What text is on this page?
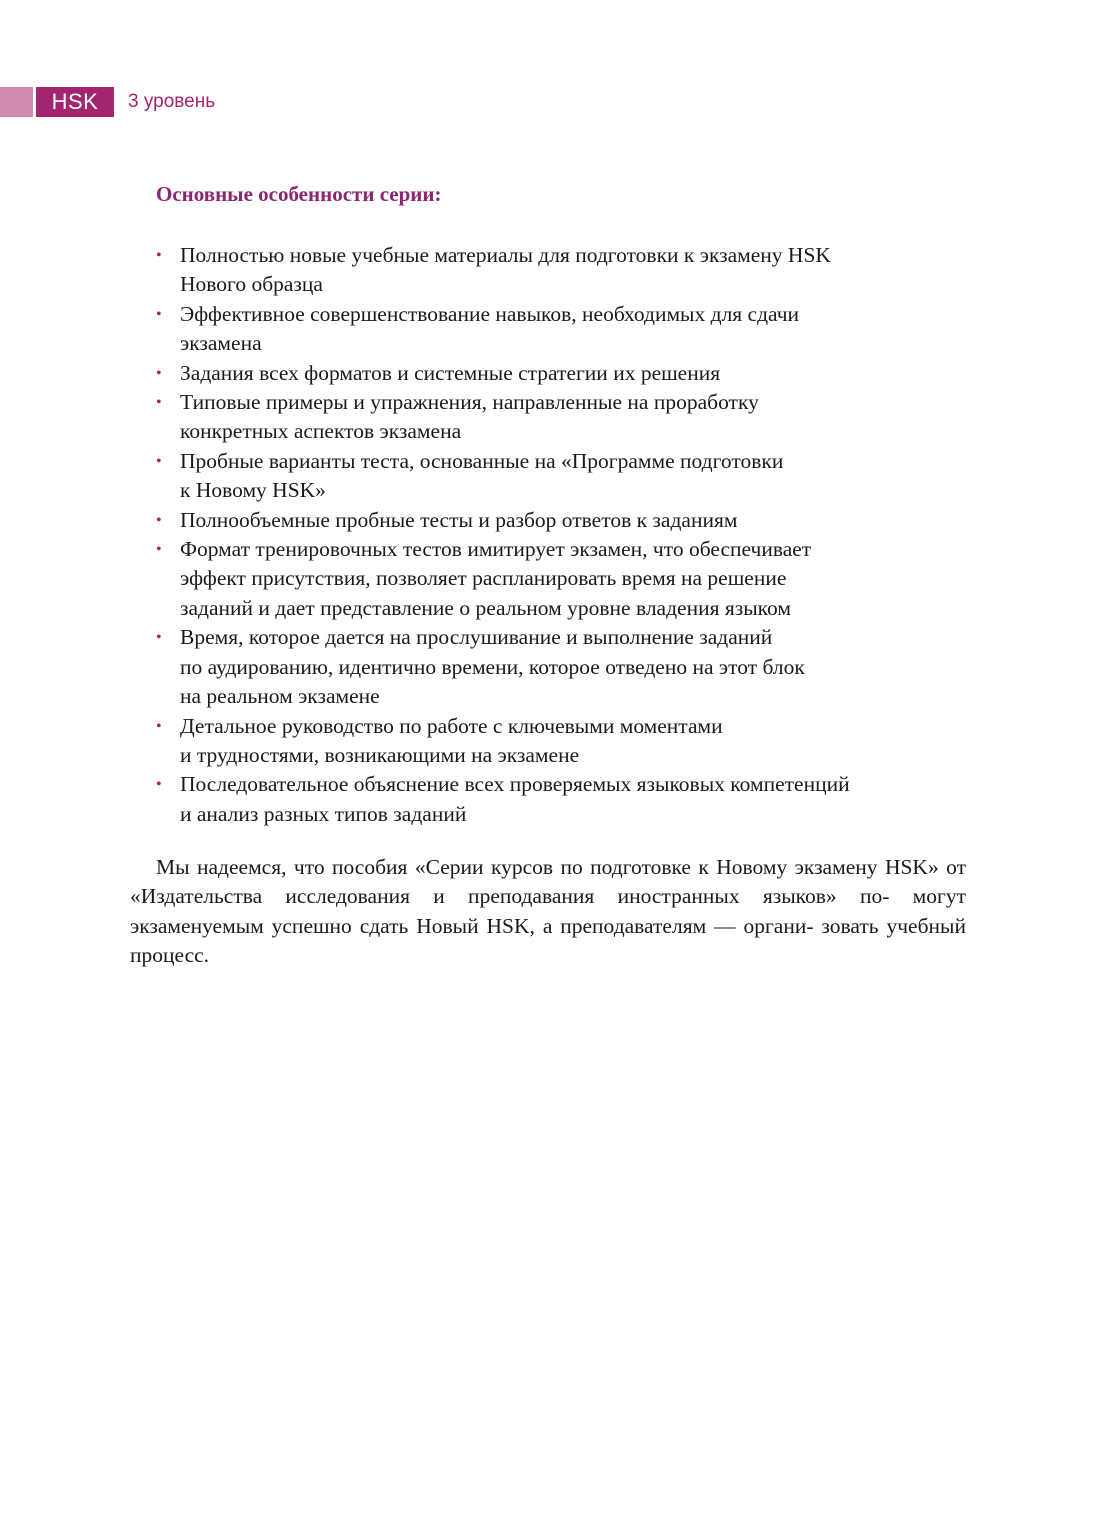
HSK	3 уровень
Основные особенности серии:
• Полностью новые учебные материалы для подготовки к экзамену HSK
Нового образца
• Эффективное совершенствование навыков, необходимых для сдачи
экзамена
• Задания всех форматов и системные стратегии их решения
• Типовые примеры и упражнения, направленные на проработку
конкретных аспектов экзамена
• Пробные варианты теста, основанные на «Программе подготовки
к Новому HSK»
• Полнообъемные пробные тесты и разбор ответов к заданиям
• Формат тренировочных тестов имитирует экзамен, что обеспечивает
эффект присутствия, позволяет распланировать время на решение
заданий и дает представление о реальном уровне владения языком
• Время, которое дается на прослушивание и выполнение заданий
по аудированию, идентично времени, которое отведено на этот блок
на реальном экзамене
• Детальное руководство по работе с ключевыми моментами
и трудностями, возникающими на экзамене
• Последовательное объяснение всех проверяемых языковых компетенций
и анализ разных типов заданий

Мы надеемся, что пособия «Серии курсов по подготовке к Новому экзамену HSK» от «Издательства исследования и преподавания иностранных языков» по- могут экзаменуемым успешно сдать Новый HSK, а преподавателям — органи- зовать учебный процесс.
